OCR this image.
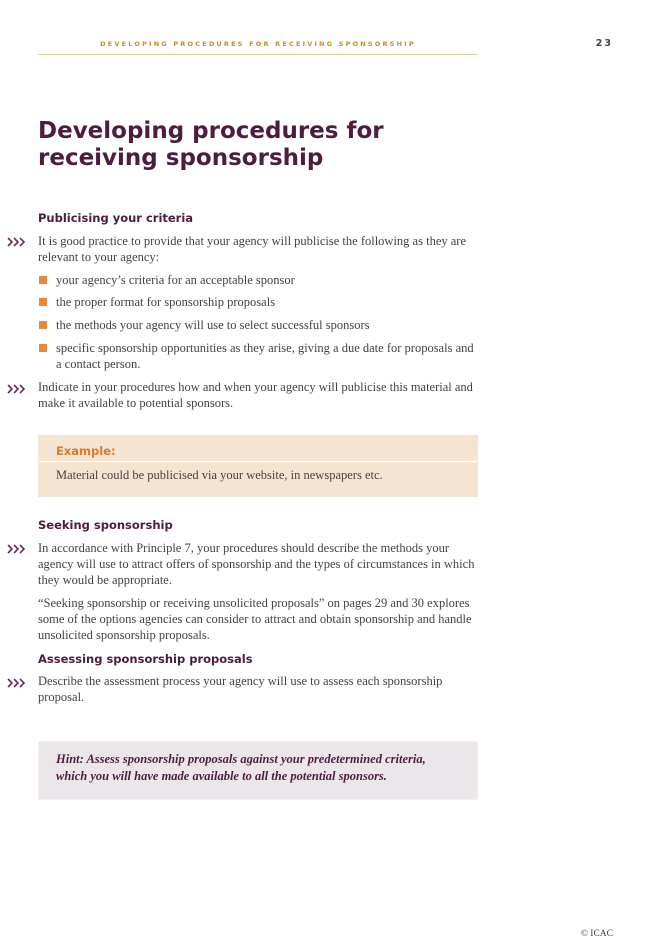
DEVELOPING PROCEDURES FOR RECEIVING SPONSORSHIP	23
Developing procedures for
receiving sponsorship
Publicising your criteria

It is good practice to provide that your agency will publicise the following as they are relevant to your agency:

your agency’s criteria for an acceptable sponsor

the proper format for sponsorship proposals

the methods your agency will use to select successful sponsors

specific sponsorship opportunities as they arise, giving a due date for proposals and a contact person.

Indicate in your procedures how and when your agency will publicise this material and make it available to potential sponsors.

Example:
Material could be publicised via your website, in newspapers etc.
Seeking sponsorship

In accordance with Principle 7, your procedures should describe the methods your agency will use to attract offers of sponsorship and the types of circumstances in which they would be appropriate.

“Seeking sponsorship or receiving unsolicited proposals” on pages 29 and 30 explores some of the options agencies can consider to attract and obtain sponsorship and handle unsolicited sponsorship proposals.

Assessing sponsorship proposals

Describe the assessment process your agency will use to assess each sponsorship proposal.

Hint: Assess sponsorship proposals against your predetermined criteria, which you will have made available to all the potential sponsors.

© ICAC
